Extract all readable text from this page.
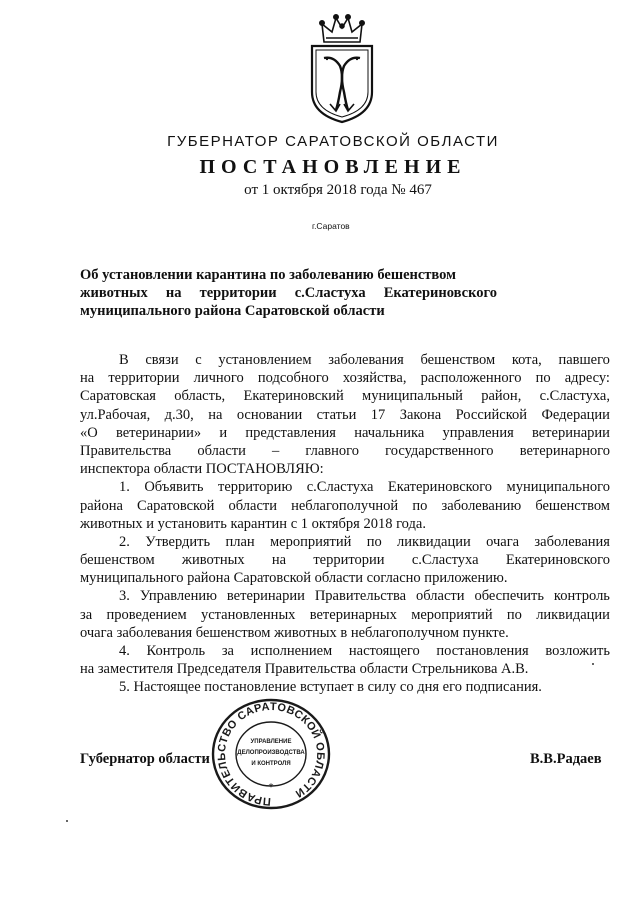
ГУБЕРНАТОР САРАТОВСКОЙ ОБЛАСТИ
ПОСТАНОВЛЕНИЕ
от 1 октября 2018 года № 467
г.Саратов
Об установлении карантина по заболеванию бешенством
животных на территории с.Сластуха Екатериновского
муниципального района Саратовской области
В связи с установлением заболевания бешенством кота, павшего
на территории личного подсобного хозяйства, расположенного по адресу:
Саратовская область, Екатериновский муниципальный район, с.Сластуха,
ул.Рабочая, д.30, на основании статьи 17 Закона Российской Федерации
«О ветеринарии» и представления начальника управления ветеринарии
Правительства области – главного государственного ветеринарного
инспектора области ПОСТАНОВЛЯЮ:
1. Объявить территорию с.Сластуха Екатериновского муниципального
района Саратовской области неблагополучной по заболеванию бешенством
животных и установить карантин с 1 октября 2018 года.
2. Утвердить план мероприятий по ликвидации очага заболевания
бешенством животных на территории с.Сластуха Екатериновского
муниципального района Саратовской области согласно приложению.
3. Управлению ветеринарии Правительства области обеспечить контроль
за проведением установленных ветеринарных мероприятий по ликвидации
очага заболевания бешенством животных в неблагополучном пункте.
4. Контроль за исполнением настоящего постановления возложить
на заместителя Председателя Правительства области Стрельникова А.В.
5. Настоящее постановление вступает в силу со дня его подписания.
ПРАВИТЕЛЬСТВО САРАТОВСКОЙ ОБЛАСТИ
*
УПРАВЛЕНИЕ
ДЕЛОПРОИЗВОДСТВА
И КОНТРОЛЯ
Губернатор области	В.В.Радаев
